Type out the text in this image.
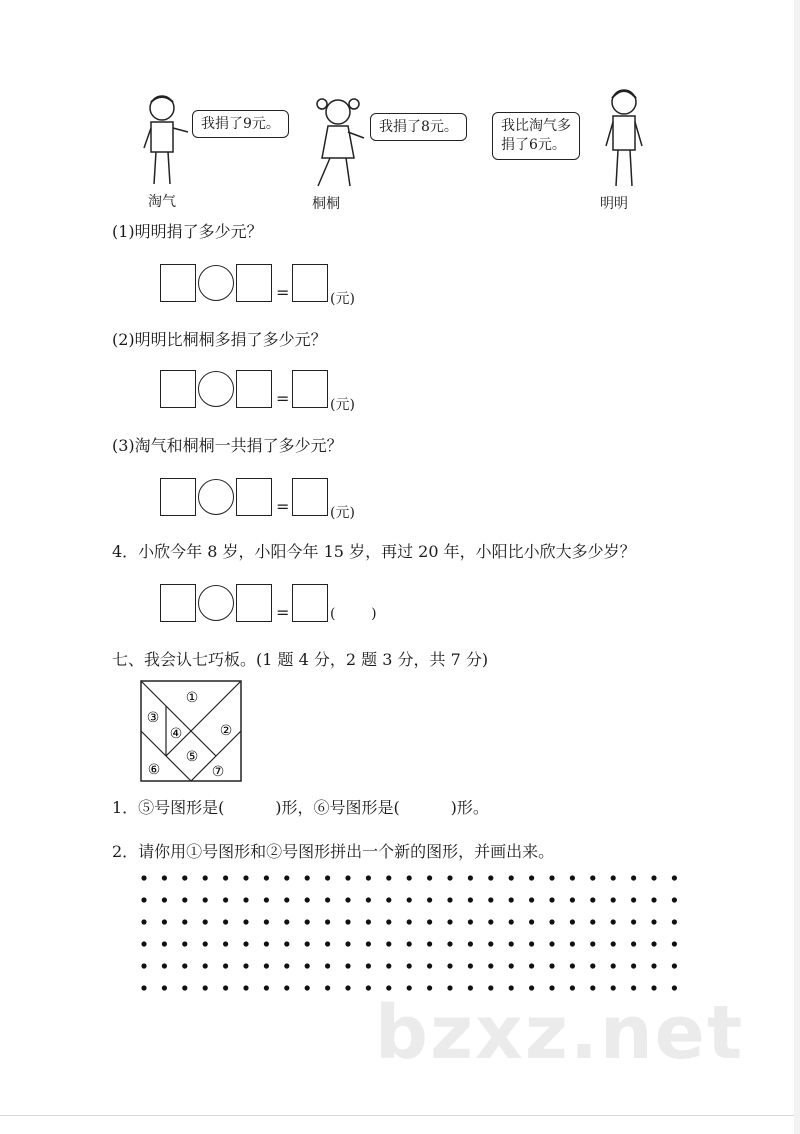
我捐了9元。
淘气
我捐了8元。
桐桐
我比淘气多
捐了6元。
明明
(1)明明捐了多少元？
=	(元)
(2)明明比桐桐多捐了多少元？
=	(元)
(3)淘气和桐桐一共捐了多少元？
=	(元)
4．小欣今年 8 岁，小阳今年 15 岁，再过 20 年，小阳比小欣大多少岁？
=	(        )
七、我会认七巧板。(1 题 4 分，2 题 3 分，共 7 分)
①
②
③
④
⑤
⑥	⑦
1．⑤号图形是(          )形，⑥号图形是(          )形。
2．请你用①号图形和②号图形拼出一个新的图形，并画出来。
bzxz.net
